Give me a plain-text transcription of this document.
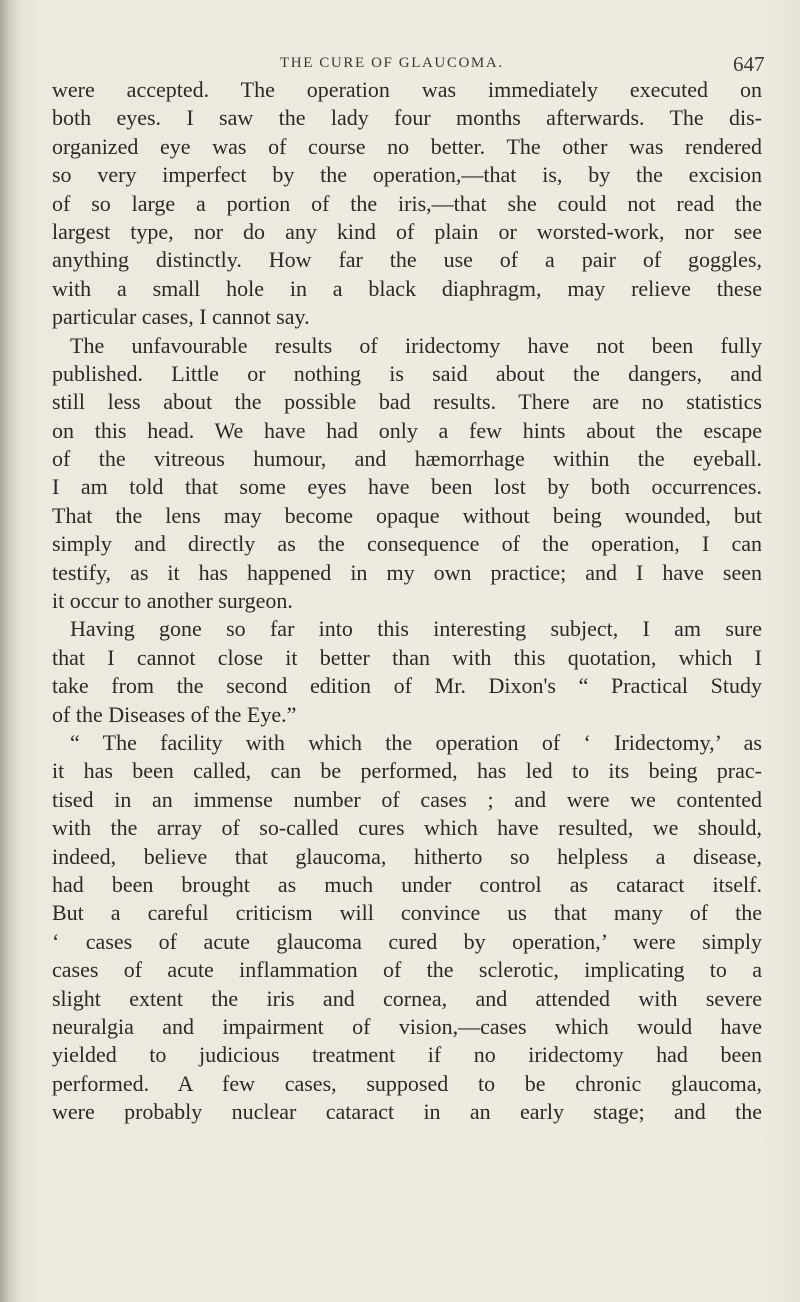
THE CURE OF GLAUCOMA.	647
were accepted. The operation was immediately executed on
both eyes. I saw the lady four months afterwards. The dis-
organized eye was of course no better. The other was rendered
so very imperfect by the operation,—that is, by the excision
of so large a portion of the iris,—that she could not read the
largest type, nor do any kind of plain or worsted-work, nor see
anything distinctly. How far the use of a pair of goggles,
with a small hole in a black diaphragm, may relieve these
particular cases, I cannot say.
The unfavourable results of iridectomy have not been fully
published. Little or nothing is said about the dangers, and
still less about the possible bad results. There are no statistics
on this head. We have had only a few hints about the escape
of the vitreous humour, and hæmorrhage within the eyeball.
I am told that some eyes have been lost by both occurrences.
That the lens may become opaque without being wounded, but
simply and directly as the consequence of the operation, I can
testify, as it has happened in my own practice; and I have seen
it occur to another surgeon.
Having gone so far into this interesting subject, I am sure
that I cannot close it better than with this quotation, which I
take from the second edition of Mr. Dixon's “ Practical Study
of the Diseases of the Eye.”
“ The facility with which the operation of ‘ Iridectomy,’ as
it has been called, can be performed, has led to its being prac-
tised in an immense number of cases ; and were we contented
with the array of so-called cures which have resulted, we should,
indeed, believe that glaucoma, hitherto so helpless a disease,
had been brought as much under control as cataract itself.
But a careful criticism will convince us that many of the
‘ cases of acute glaucoma cured by operation,’ were simply
cases of acute inflammation of the sclerotic, implicating to a
slight extent the iris and cornea, and attended with severe
neuralgia and impairment of vision,—cases which would have
yielded to judicious treatment if no iridectomy had been
performed. A few cases, supposed to be chronic glaucoma,
were probably nuclear cataract in an early stage; and the
